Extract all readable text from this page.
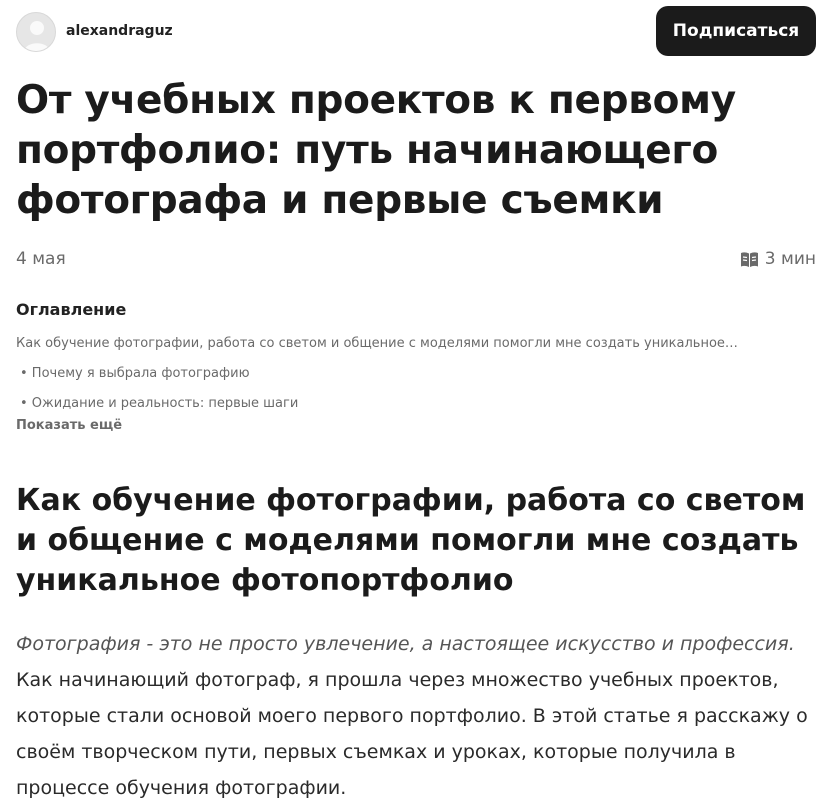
alexandraguz	Подписаться
От учебных проектов к первому портфолио: путь начинающего фотографа и первые съемки
4 мая	3 мин
Оглавление
Как обучение фотографии, работа со светом и общение с моделями помогли мне создать уникальное…
• Почему я выбрала фотографию
• Ожидание и реальность: первые шаги
Показать ещё
Как обучение фотографии, работа со светом и общение с моделями помогли мне создать уникальное фотопортфолио

Фотография - это не просто увлечение, а настоящее искусство и профессия.

Как начинающий фотограф, я прошла через множество учебных проектов, которые стали основой моего первого портфолио. В этой статье я расскажу о своём творческом пути, первых съемках и уроках, которые получила в процессе обучения фотографии.
